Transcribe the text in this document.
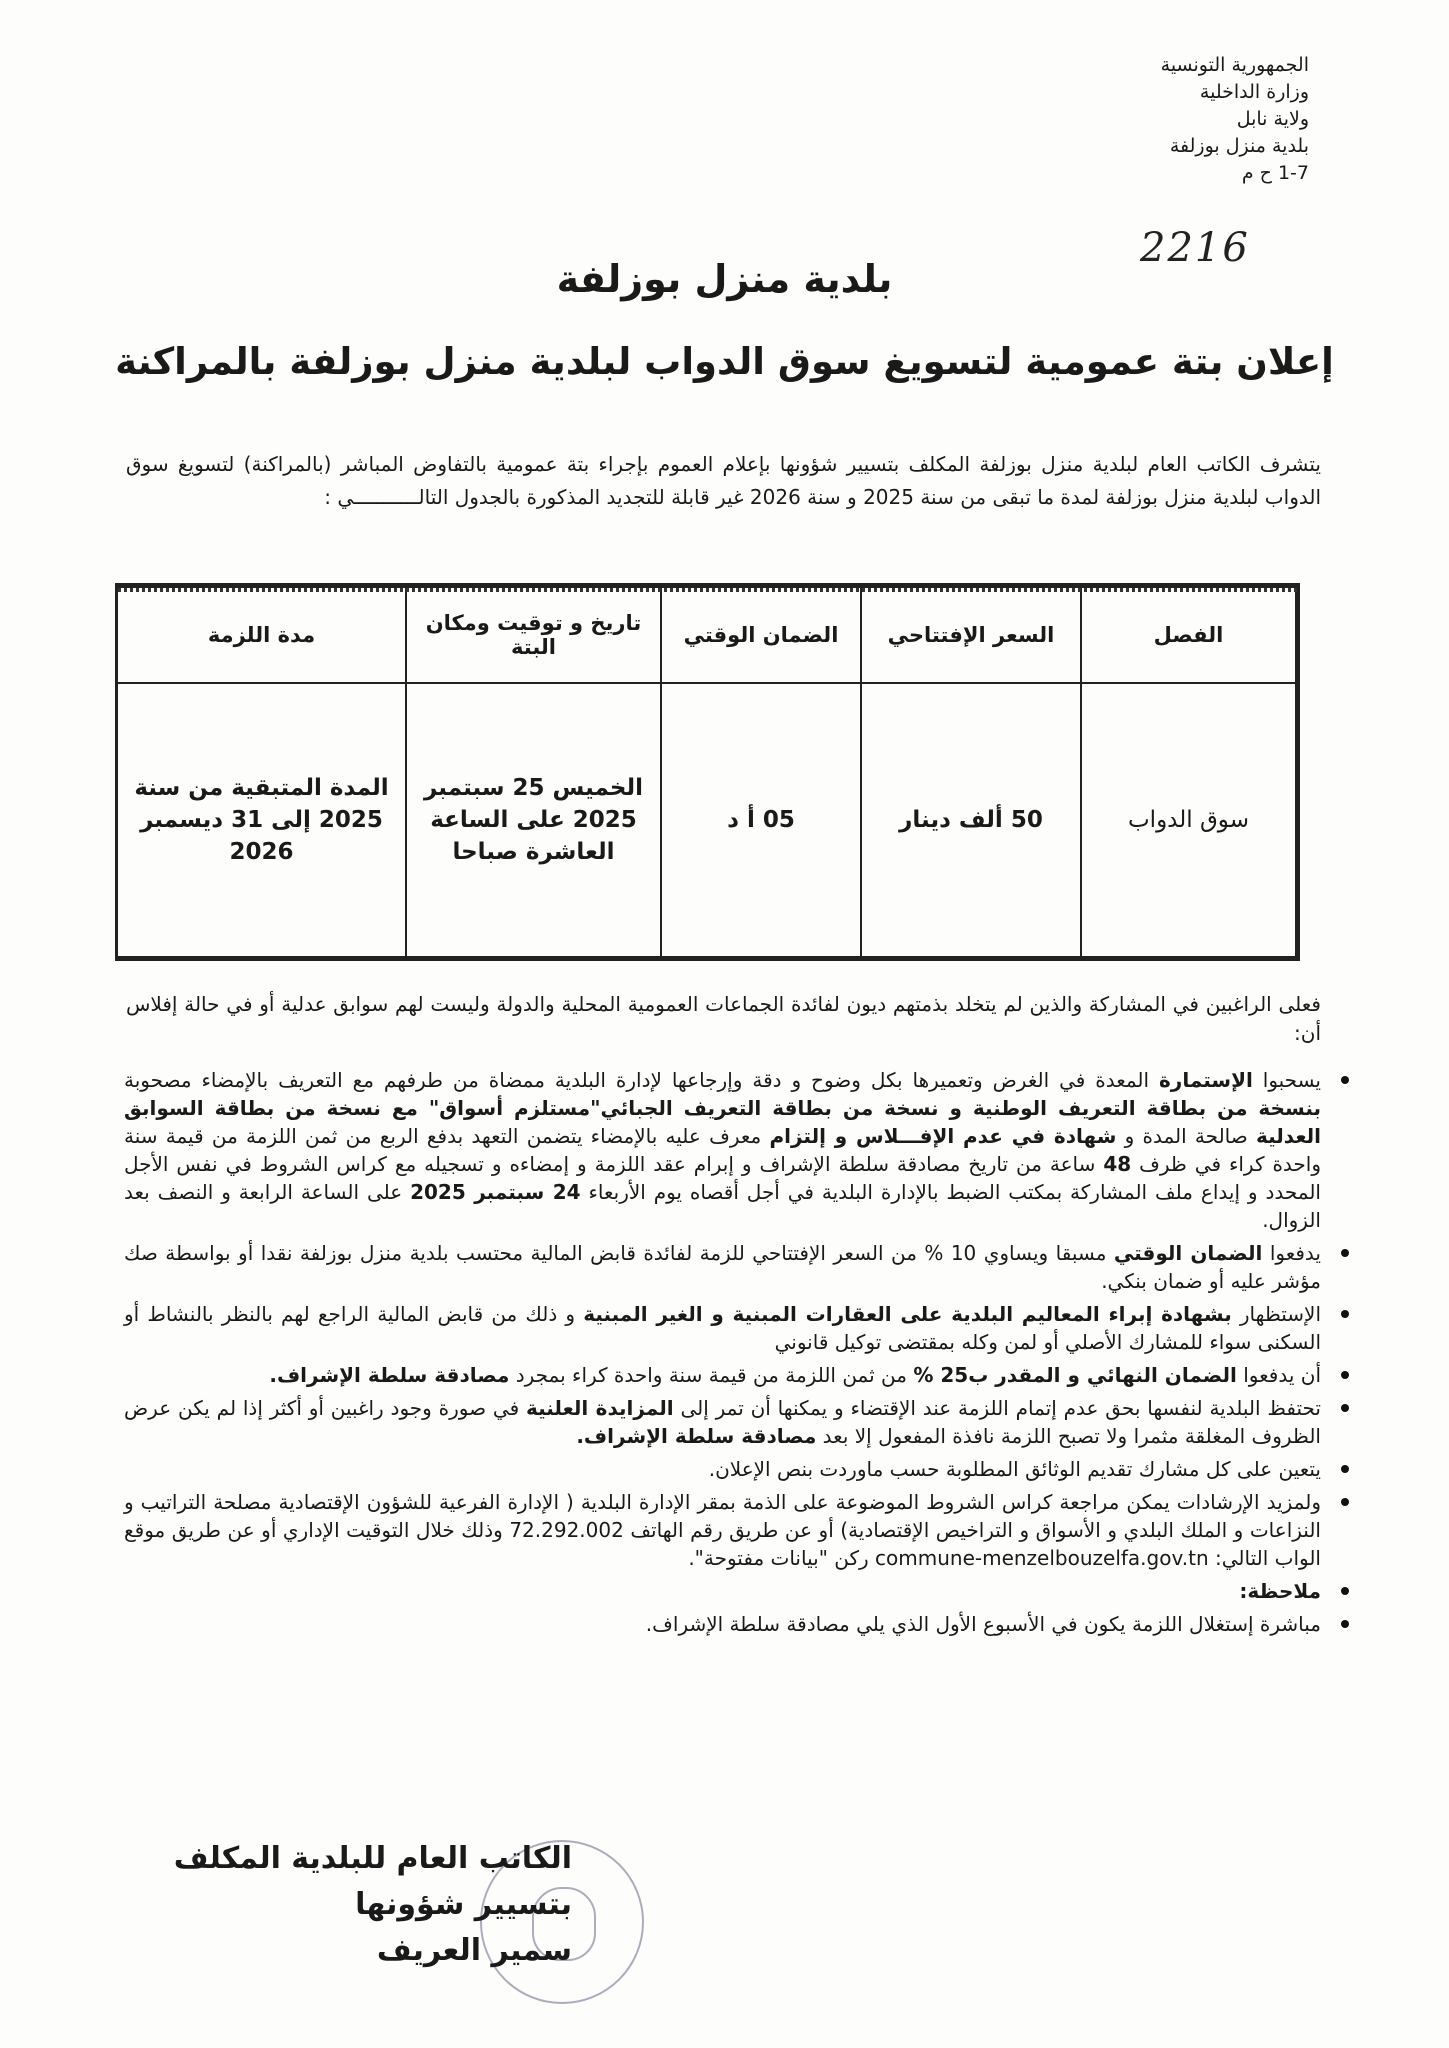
الجمهورية التونسية
وزارة الداخلية
ولاية نابل
بلدية منزل بوزلفة
1-7 ح م
2216
بلدية منزل بوزلفة
إعلان بتة عمومية لتسويغ سوق الدواب لبلدية منزل بوزلفة بالمراكنة
يتشرف الكاتب العام لبلدية منزل بوزلفة المكلف بتسيير شؤونها بإعلام العموم بإجراء بتة عمومية بالتفاوض المباشر (بالمراكنة) لتسويغ سوق الدواب لبلدية منزل بوزلفة لمدة ما تبقى من سنة 2025 و سنة 2026 غير قابلة للتجديد المذكورة بالجدول التالـــــــــــي :
الفصل	السعر الإفتتاحي	الضمان الوقتي	تاريخ و توقيت ومكان البتة	مدة اللزمة
سوق الدواب	50 ألف دينار	05 أ د	الخميس 25 سبتمبر 2025 على الساعة العاشرة صباحا	المدة المتبقية من سنة 2025 إلى 31 ديسمبر 2026
فعلى الراغبين في المشاركة والذين لم يتخلد بذمتهم ديون لفائدة الجماعات العمومية المحلية والدولة وليست لهم سوابق عدلية أو في حالة إفلاس أن:
يسحبوا الإستمارة المعدة في الغرض وتعميرها بكل وضوح و دقة وإرجاعها لإدارة البلدية ممضاة من طرفهم مع التعريف بالإمضاء مصحوبة بنسخة من بطاقة التعريف الوطنية و نسخة من بطاقة التعريف الجبائي"مستلزم أسواق" مع نسخة من بطاقة السوابق العدلية صالحة المدة و شهادة في عدم الإفـــلاس و إلتزام معرف عليه بالإمضاء يتضمن التعهد بدفع الربع من ثمن اللزمة من قيمة سنة واحدة كراء في ظرف 48 ساعة من تاريخ مصادقة سلطة الإشراف و إبرام عقد اللزمة و إمضاءه و تسجيله مع كراس الشروط في نفس الأجل المحدد و إيداع ملف المشاركة بمكتب الضبط بالإدارة البلدية في أجل أقصاه يوم الأربعاء 24 سبتمبر 2025 على الساعة الرابعة و النصف بعد الزوال.
يدفعوا الضمان الوقتي مسبقا ويساوي 10 % من السعر الإفتتاحي للزمة لفائدة قابض المالية محتسب بلدية منزل بوزلفة نقدا أو بواسطة صك مؤشر عليه أو ضمان بنكي.
الإستظهار بشهادة إبراء المعاليم البلدية على العقارات المبنية و الغير المبنية و ذلك من قابض المالية الراجع لهم بالنظر بالنشاط أو السكنى سواء للمشارك الأصلي أو لمن وكله بمقتضى توكيل قانوني
أن يدفعوا الضمان النهائي و المقدر ب25 % من ثمن اللزمة من قيمة سنة واحدة كراء بمجرد مصادقة سلطة الإشراف.
تحتفظ البلدية لنفسها بحق عدم إتمام اللزمة عند الإقتضاء و يمكنها أن تمر إلى المزايدة العلنية في صورة وجود راغبين أو أكثر إذا لم يكن عرض الظروف المغلقة مثمرا ولا تصبح اللزمة نافذة المفعول إلا بعد مصادقة سلطة الإشراف.
يتعين على كل مشارك تقديم الوثائق المطلوبة حسب ماوردت بنص الإعلان.
ولمزيد الإرشادات يمكن مراجعة كراس الشروط الموضوعة على الذمة بمقر الإدارة البلدية ( الإدارة الفرعية للشؤون الإقتصادية مصلحة التراتيب و النزاعات و الملك البلدي و الأسواق و التراخيص الإقتصادية) أو عن طريق رقم الهاتف 72.292.002 وذلك خلال التوقيت الإداري أو عن طريق موقع الواب التالي: commune-menzelbouzelfa.gov.tn ركن "بيانات مفتوحة".
ملاحظة:
مباشرة إستغلال اللزمة يكون في الأسبوع الأول الذي يلي مصادقة سلطة الإشراف.
الكاتب العام للبلدية المكلف
بتسيير شؤونها
سمير العريف
